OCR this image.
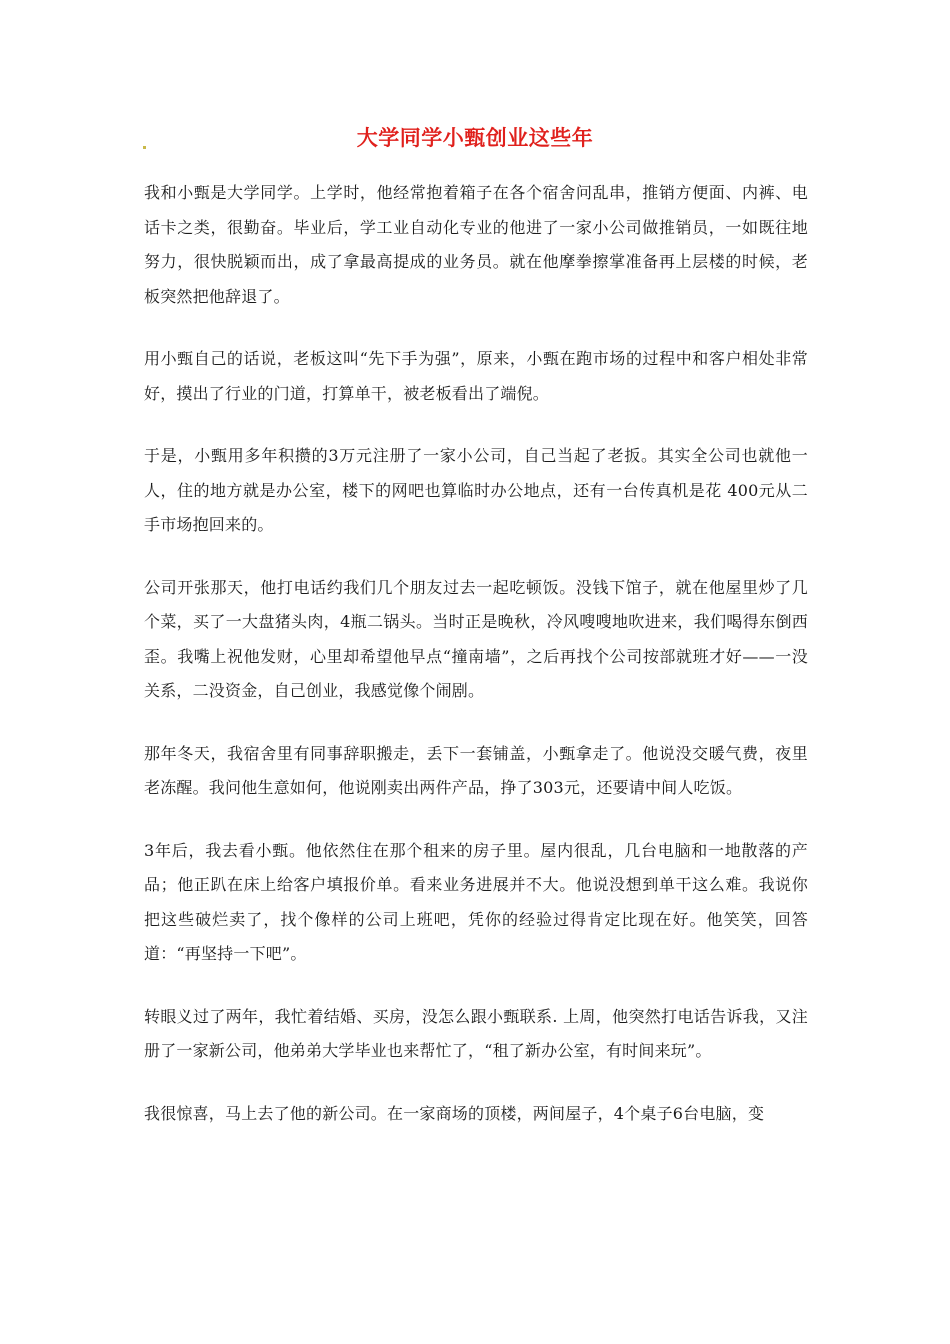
大学同学小甄创业这些年

我和小甄是大学同学。上学时，他经常抱着箱子在各个宿舍问乱串，推销方便面、内裤、电话卡之类，很勤奋。毕业后，学工业自动化专业的他进了一家小公司做推销员，一如既往地努力，很快脱颖而出，成了拿最高提成的业务员。就在他摩拳擦掌准备再上层楼的时候，老板突然把他辞退了。

用小甄自己的话说，老板这叫“先下手为强”，原来，小甄在跑市场的过程中和客户相处非常好，摸出了行业的门道，打算单干，被老板看出了端倪。

于是，小甄用多年积攒的3万元注册了一家小公司，自己当起了老扳。其实全公司也就他一人，住的地方就是办公室，楼下的网吧也算临时办公地点，还有一台传真机是花 400元从二手市场抱回来的。

公司开张那天，他打电话约我们几个朋友过去一起吃顿饭。没钱下馆子，就在他屋里炒了几个菜，买了一大盘猪头肉，4瓶二锅头。当时正是晚秋，冷风嗖嗖地吹进来，我们喝得东倒西歪。我嘴上祝他发财，心里却希望他早点“撞南墙”，之后再找个公司按部就班才好——一没关系，二没资金，自己创业，我感觉像个闹剧。

那年冬天，我宿舍里有同事辞职搬走，丢下一套铺盖，小甄拿走了。他说没交暖气费，夜里老冻醒。我问他生意如何，他说刚卖出两件产品，挣了303元，还要请中间人吃饭。

3年后，我去看小甄。他依然住在那个租来的房子里。屋内很乱，几台电脑和一地散落的产品；他正趴在床上给客户填报价单。看来业务进展并不大。他说没想到单干这么难。我说你把这些破烂卖了，找个像样的公司上班吧，凭你的经验过得肯定比现在好。他笑笑，回答道：“再坚持一下吧”。

转眼义过了两年，我忙着结婚、买房，没怎么跟小甄联系. 上周，他突然打电话告诉我，又注册了一家新公司，他弟弟大学毕业也来帮忙了，“租了新办公室，有时间来玩”。

我很惊喜，马上去了他的新公司。在一家商场的顶楼，两间屋子，4个桌子6台电脑，变
